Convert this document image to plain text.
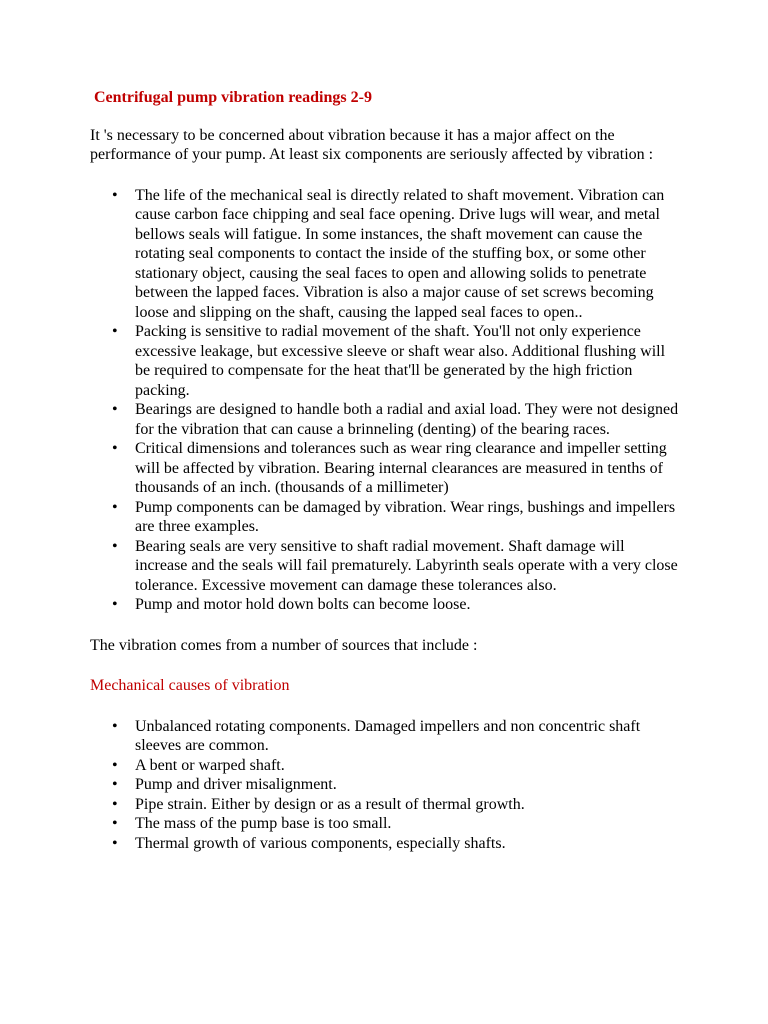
Centrifugal pump vibration readings 2-9

It 's necessary to be concerned about vibration because it has a major affect on the performance of your pump. At least six components are seriously affected by vibration :

• The life of the mechanical seal is directly related to shaft movement. Vibration can cause carbon face chipping and seal face opening. Drive lugs will wear, and metal bellows seals will fatigue. In some instances, the shaft movement can cause the rotating seal components to contact the inside of the stuffing box, or some other stationary object, causing the seal faces to open and allowing solids to penetrate between the lapped faces. Vibration is also a major cause of set screws becoming loose and slipping on the shaft, causing the lapped seal faces to open..
• Packing is sensitive to radial movement of the shaft. You'll not only experience excessive leakage, but excessive sleeve or shaft wear also. Additional flushing will be required to compensate for the heat that'll be generated by the high friction packing.
• Bearings are designed to handle both a radial and axial load. They were not designed for the vibration that can cause a brinneling (denting) of the bearing races.
• Critical dimensions and tolerances such as wear ring clearance and impeller setting will be affected by vibration. Bearing internal clearances are measured in tenths of thousands of an inch. (thousands of a millimeter)
• Pump components can be damaged by vibration. Wear rings, bushings and impellers are three examples.
• Bearing seals are very sensitive to shaft radial movement. Shaft damage will increase and the seals will fail prematurely. Labyrinth seals operate with a very close tolerance. Excessive movement can damage these tolerances also.
• Pump and motor hold down bolts can become loose.

The vibration comes from a number of sources that include :

Mechanical causes of vibration
• Unbalanced rotating components. Damaged impellers and non concentric shaft sleeves are common.
• A bent or warped shaft.
• Pump and driver misalignment.
• Pipe strain. Either by design or as a result of thermal growth.
• The mass of the pump base is too small.
• Thermal growth of various components, especially shafts.
